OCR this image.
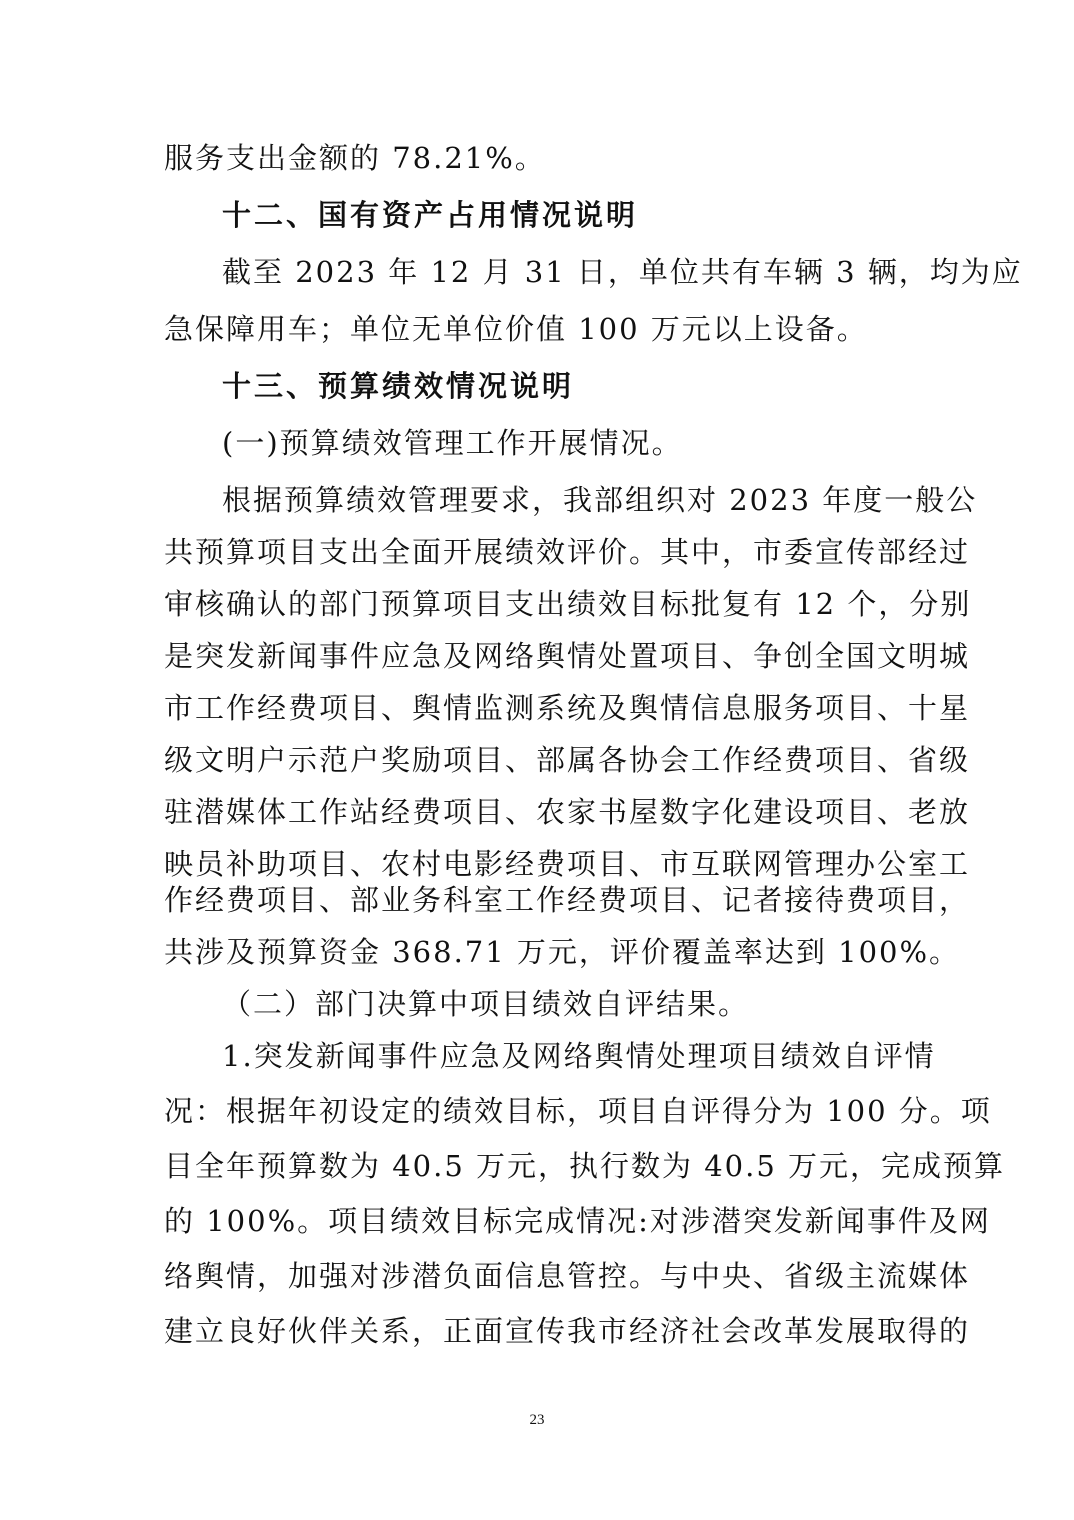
服务支出金额的 78.21%。
十二、国有资产占用情况说明
截至 2023 年 12 月 31 日，单位共有车辆 3 辆，均为应
急保障用车；单位无单位价值 100 万元以上设备。
十三、预算绩效情况说明
(一)预算绩效管理工作开展情况。
根据预算绩效管理要求，我部组织对 2023 年度一般公
共预算项目支出全面开展绩效评价。其中，市委宣传部经过
审核确认的部门预算项目支出绩效目标批复有 12 个，分别
是突发新闻事件应急及网络舆情处置项目、争创全国文明城
市工作经费项目、舆情监测系统及舆情信息服务项目、十星
级文明户示范户奖励项目、部属各协会工作经费项目、省级
驻潜媒体工作站经费项目、农家书屋数字化建设项目、老放
映员补助项目、农村电影经费项目、市互联网管理办公室工
作经费项目、部业务科室工作经费项目、记者接待费项目，
共涉及预算资金 368.71 万元，评价覆盖率达到 100%。
（二）部门决算中项目绩效自评结果。
1.突发新闻事件应急及网络舆情处理项目绩效自评情
况：根据年初设定的绩效目标，项目自评得分为 100 分。项
目全年预算数为 40.5 万元，执行数为 40.5 万元，完成预算
的 100%。项目绩效目标完成情况:对涉潜突发新闻事件及网
络舆情，加强对涉潜负面信息管控。与中央、省级主流媒体
建立良好伙伴关系，正面宣传我市经济社会改革发展取得的
23
